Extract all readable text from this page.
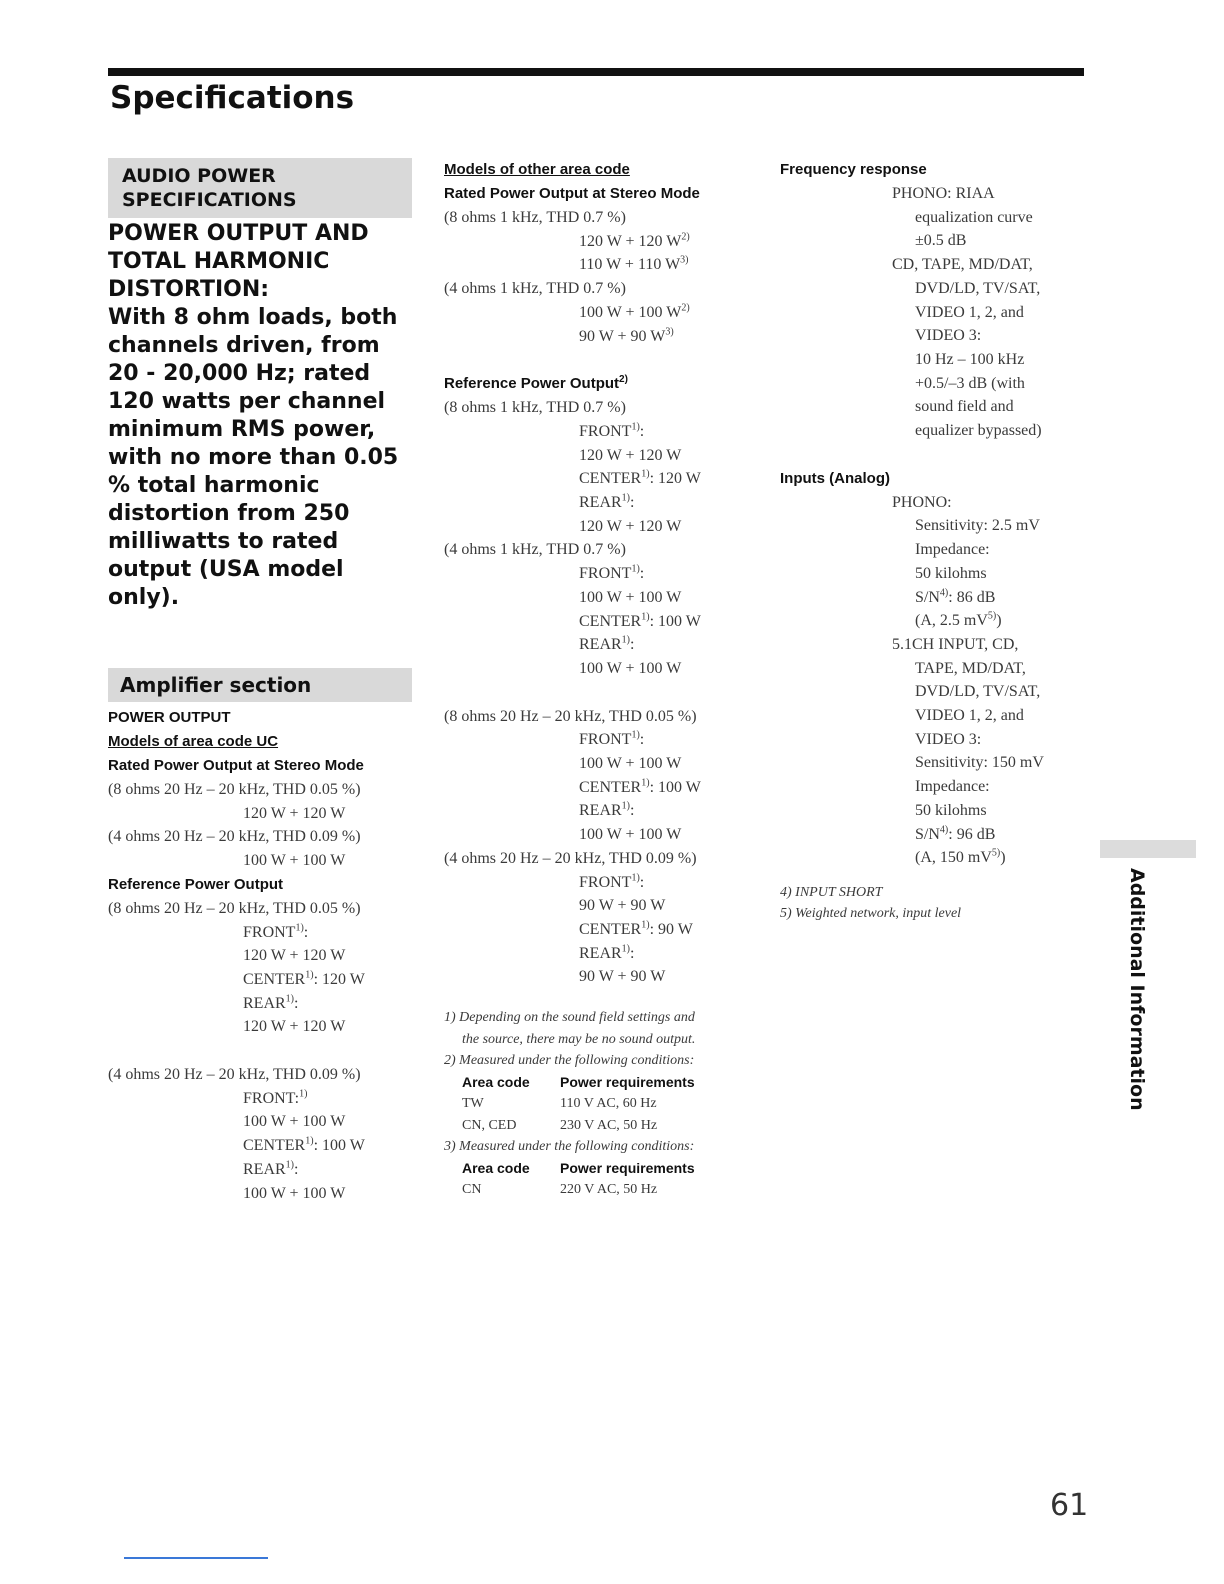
Specifications
AUDIO POWER
SPECIFICATIONS

POWER OUTPUT AND TOTAL HARMONIC DISTORTION:

With 8 ohm loads, both channels driven, from 20 - 20,000 Hz; rated 120 watts per channel minimum RMS power, with no more than 0.05 % total harmonic distortion from 250 milliwatts to rated output (USA model only).

Amplifier section
POWER OUTPUT
Models of area code UC
Rated Power Output at Stereo Mode
(8 ohms 20 Hz – 20 kHz, THD 0.05 %)
120 W + 120 W
(4 ohms 20 Hz – 20 kHz, THD 0.09 %)
100 W + 100 W
Reference Power Output
(8 ohms 20 Hz – 20 kHz, THD 0.05 %)
FRONT$^{1)}$:
120 W + 120 W
CENTER$^{1)}$: 120 W
REAR$^{1)}$:
120 W + 120 W
(4 ohms 20 Hz – 20 kHz, THD 0.09 %)
FRONT:$^{1)}$
100 W + 100 W
CENTER$^{1)}$: 100 W
REAR$^{1)}$:
100 W + 100 W
Models of other area code
Rated Power Output at Stereo Mode
(8 ohms 1 kHz, THD 0.7 %)
120 W + 120 $W^{2)}$
110 W + 110 $W^{3)}$
(4 ohms 1 kHz, THD 0.7 %)
100 W + 100 $W^{2)}$
90 W + 90 $W^{3)}$
Reference Power Output$^{2)}$
(8 ohms 1 kHz, THD 0.7 %)
FRONT$^{1)}$:
120 W + 120 W
CENTER$^{1)}$: 120 W
REAR$^{1)}$:
120 W + 120 W
(4 ohms 1 kHz, THD 0.7 %)
FRONT$^{1)}$:
100 W + 100 W
CENTER$^{1)}$: 100 W
REAR$^{1)}$:
100 W + 100 W
(8 ohms 20 Hz – 20 kHz, THD 0.05 %)
FRONT$^{1)}$:
100 W + 100 W
CENTER$^{1)}$: 100 W
REAR$^{1)}$:
100 W + 100 W
(4 ohms 20 Hz – 20 kHz, THD 0.09 %)
FRONT$^{1)}$:
90 W + 90 W
CENTER$^{1)}$: 90 W
REAR$^{1)}$:
90 W + 90 W
1) Depending on the sound field settings and
the source, there may be no sound output.
2) Measured under the following conditions:
Area code	Power requirements
TW	110 V AC, 60 Hz
CN, CED	230 V AC, 50 Hz
3) Measured under the following conditions:
Area code	Power requirements
CN	220 V AC, 50 Hz
Frequency response
PHONO: RIAA
equalization curve
±0.5 dB
CD, TAPE, MD/DAT,
DVD/LD, TV/SAT,
VIDEO 1, 2, and
VIDEO 3:
10 Hz – 100 kHz
+0.5/–3 dB (with
sound field and
equalizer bypassed)
Inputs (Analog)
PHONO:
Sensitivity: 2.5 mV
Impedance:
50 kilohms
$S/N^{4)}$: 86 dB
(A, 2.5 $mV^{5)}$)
5.1CH INPUT, CD,
TAPE, MD/DAT,
DVD/LD, TV/SAT,
VIDEO 1, 2, and
VIDEO 3:
Sensitivity: 150 mV
Impedance:
50 kilohms
$S/N^{4)}$: 96 dB
(A, 150 $mV^{5)}$)
4) INPUT SHORT
5) Weighted network, input level	Additional Information
61
